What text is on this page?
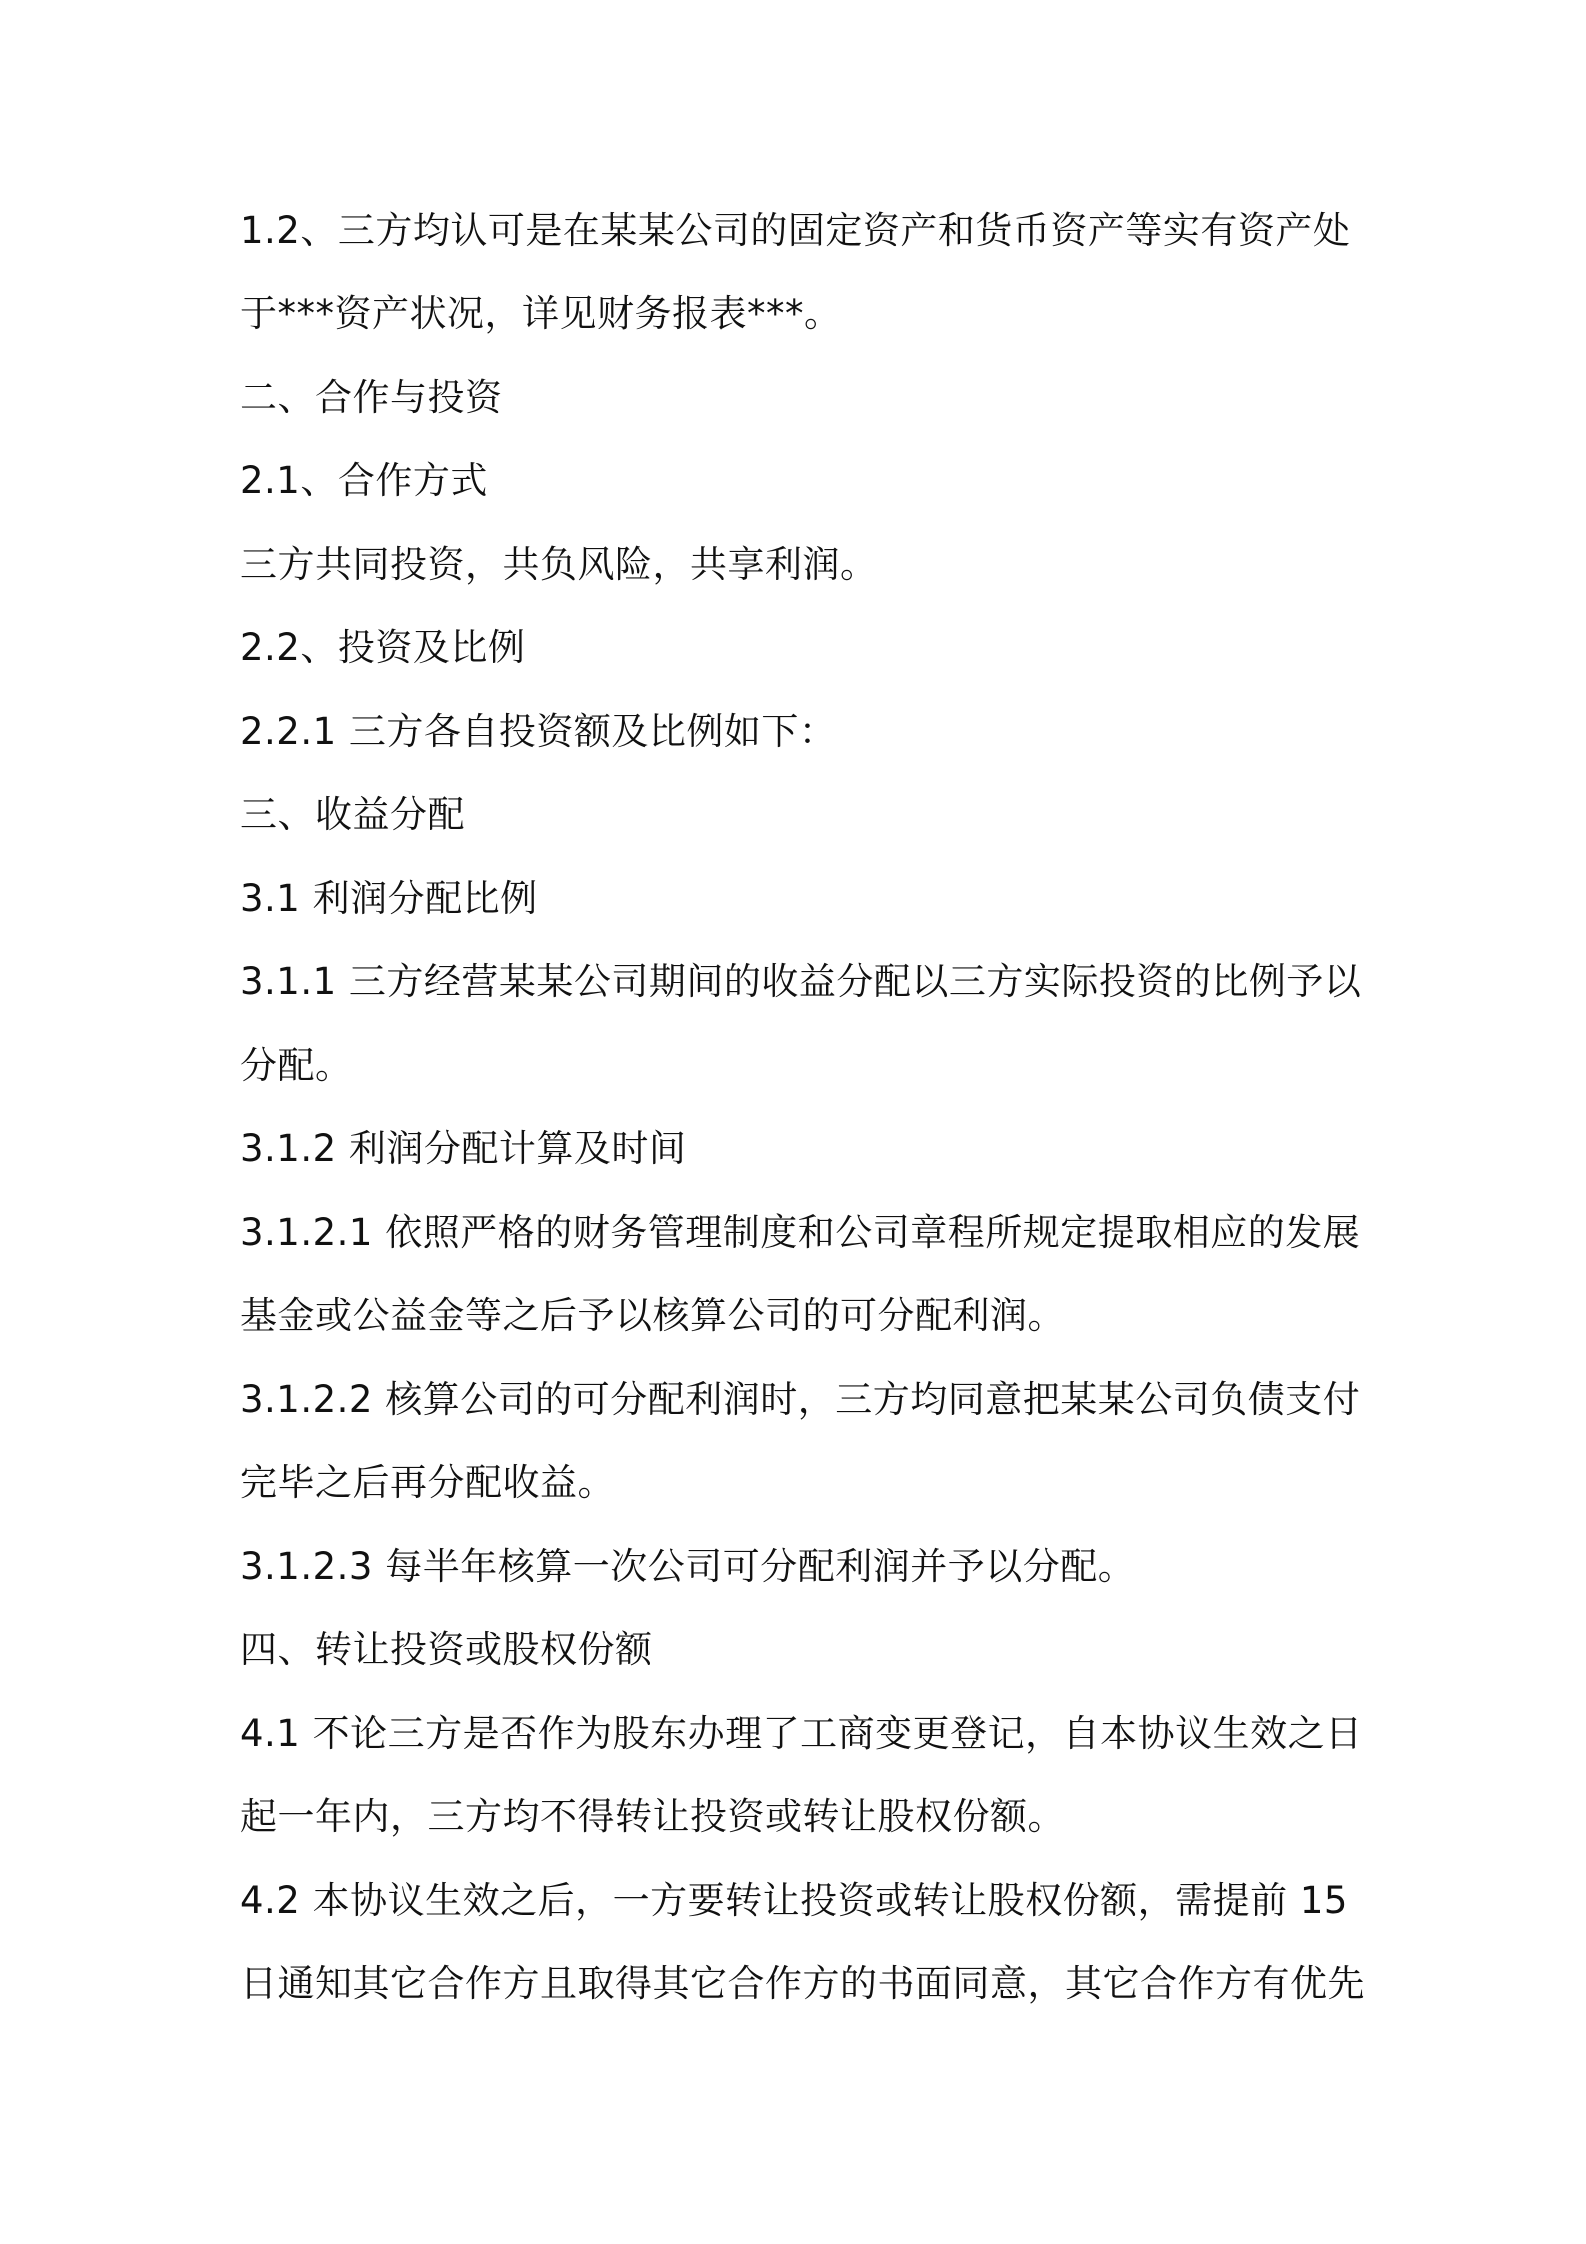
1.2、三方均认可是在某某公司的固定资产和货币资产等实有资产处
于***资产状况，详见财务报表***。
二、合作与投资
2.1、合作方式
三方共同投资，共负风险，共享利润。
2.2、投资及比例
2.2.1 三方各自投资额及比例如下：
三、收益分配
3.1 利润分配比例
3.1.1 三方经营某某公司期间的收益分配以三方实际投资的比例予以
分配。
3.1.2 利润分配计算及时间
3.1.2.1 依照严格的财务管理制度和公司章程所规定提取相应的发展
基金或公益金等之后予以核算公司的可分配利润。
3.1.2.2 核算公司的可分配利润时，三方均同意把某某公司负债支付
完毕之后再分配收益。
3.1.2.3 每半年核算一次公司可分配利润并予以分配。
四、转让投资或股权份额
4.1 不论三方是否作为股东办理了工商变更登记，自本协议生效之日
起一年内，三方均不得转让投资或转让股权份额。
4.2 本协议生效之后，一方要转让投资或转让股权份额，需提前 15
日通知其它合作方且取得其它合作方的书面同意，其它合作方有优先
